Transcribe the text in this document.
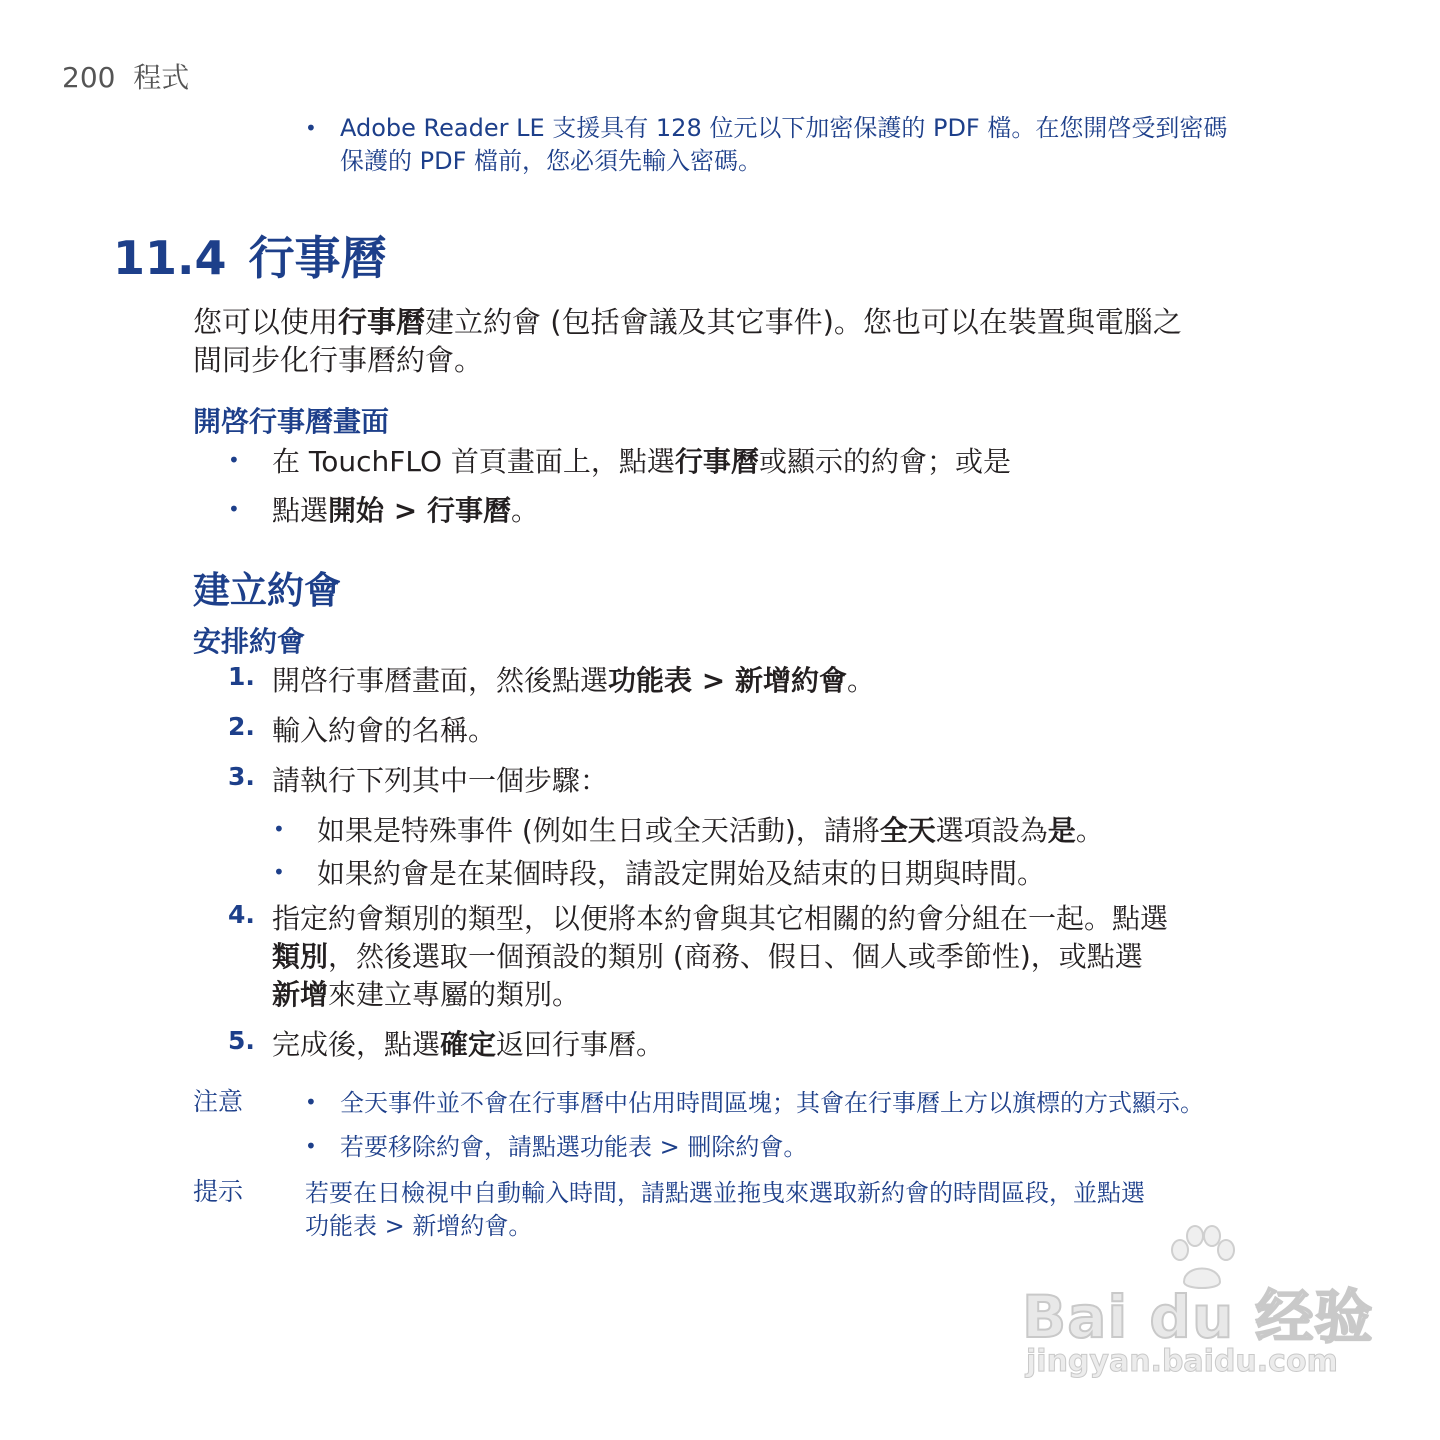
200 程式
• Adobe Reader LE 支援具有 128 位元以下加密保護的 PDF 檔。在您開啓受到密碼
保護的 PDF 檔前，您必須先輸入密碼。
11.4 行事曆
您可以使用行事曆建立約會 (包括會議及其它事件)。您也可以在裝置與電腦之
間同步化行事曆約會。
開啓行事曆畫面
• 在 TouchFLO 首頁畫面上，點選行事曆或顯示的約會；或是
• 點選開始 > 行事曆。
建立約會
安排約會
1. 開啓行事曆畫面，然後點選功能表 > 新增約會。
2. 輸入約會的名稱。
3. 請執行下列其中一個步驟：
• 如果是特殊事件 (例如生日或全天活動)，請將全天選項設為是。
• 如果約會是在某個時段，請設定開始及結束的日期與時間。
4. 指定約會類別的類型，以便將本約會與其它相關的約會分組在一起。點選
類別，然後選取一個預設的類別 (商務、假日、個人或季節性)，或點選
新增來建立專屬的類別。
5. 完成後，點選確定返回行事曆。
注意	• 全天事件並不會在行事曆中佔用時間區塊；其會在行事曆上方以旗標的方式顯示。
• 若要移除約會，請點選功能表 > 刪除約會。
提示	若要在日檢視中自動輸入時間，請點選並拖曳來選取新約會的時間區段，並點選
功能表 > 新增約會。
Bai du 经验
jingyan.baidu.com
